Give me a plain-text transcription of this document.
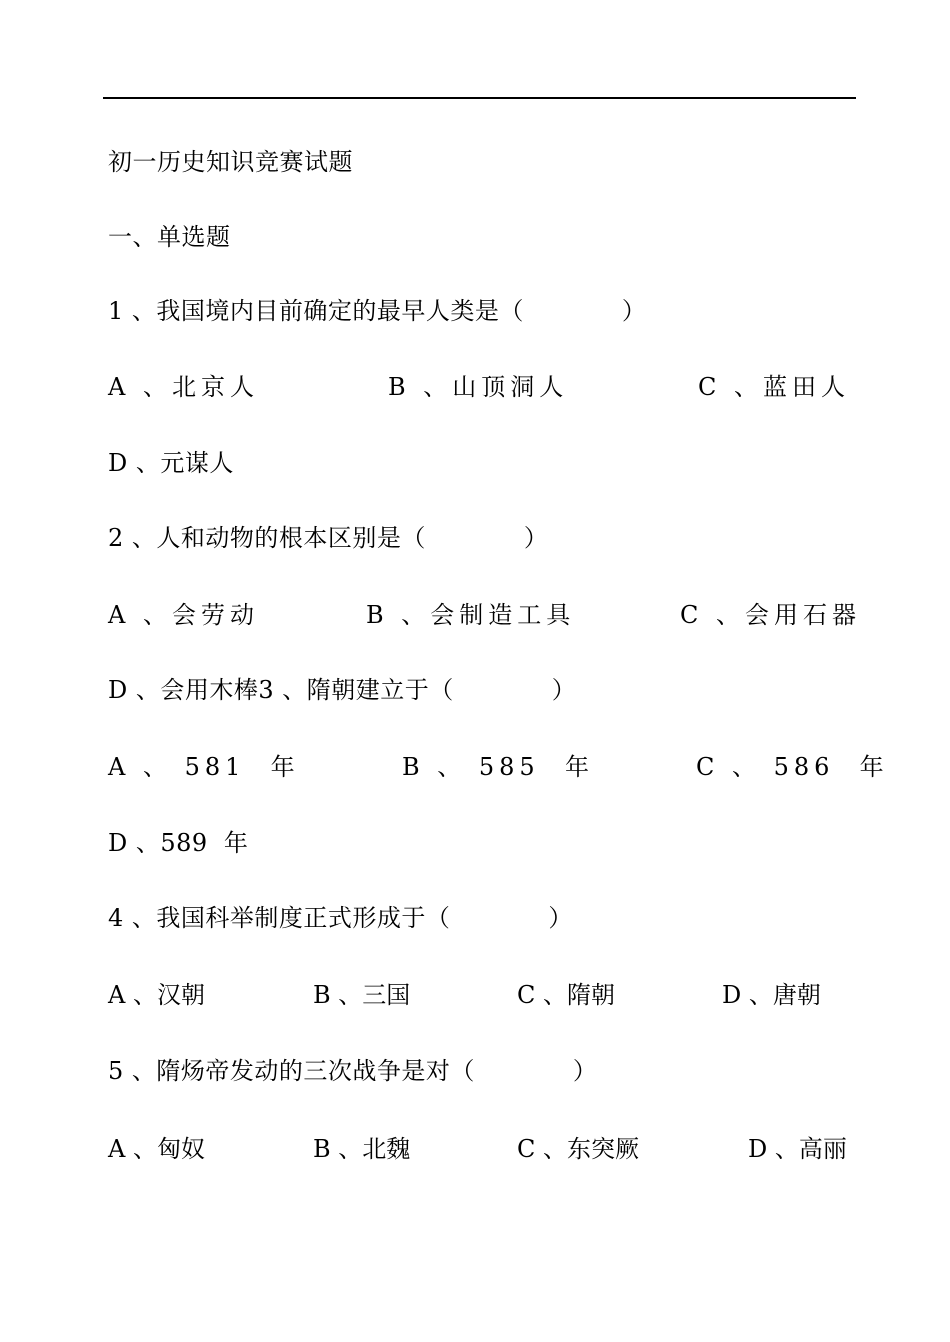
初一历史知识竞赛试题
一、单选题
1 、我国境内目前确定的最早人类是（　　　　）
A 、北京人	B 、山顶洞人	C 、蓝田人
D 、元谋人
2 、人和动物的根本区别是（　　　　）
A 、会劳动	B 、会制造工具	C 、会用石器
D 、会用木棒3 、隋朝建立于（　　　　）
A 、 581  年	B 、 585  年	C 、 586  年
D 、589  年
4 、我国科举制度正式形成于（　　　　）
A 、汉朝	B 、三国	C 、隋朝	D 、唐朝
5 、隋炀帝发动的三次战争是对（　　　　）
A 、匈奴	B 、北魏	C 、东突厥	D 、高丽
